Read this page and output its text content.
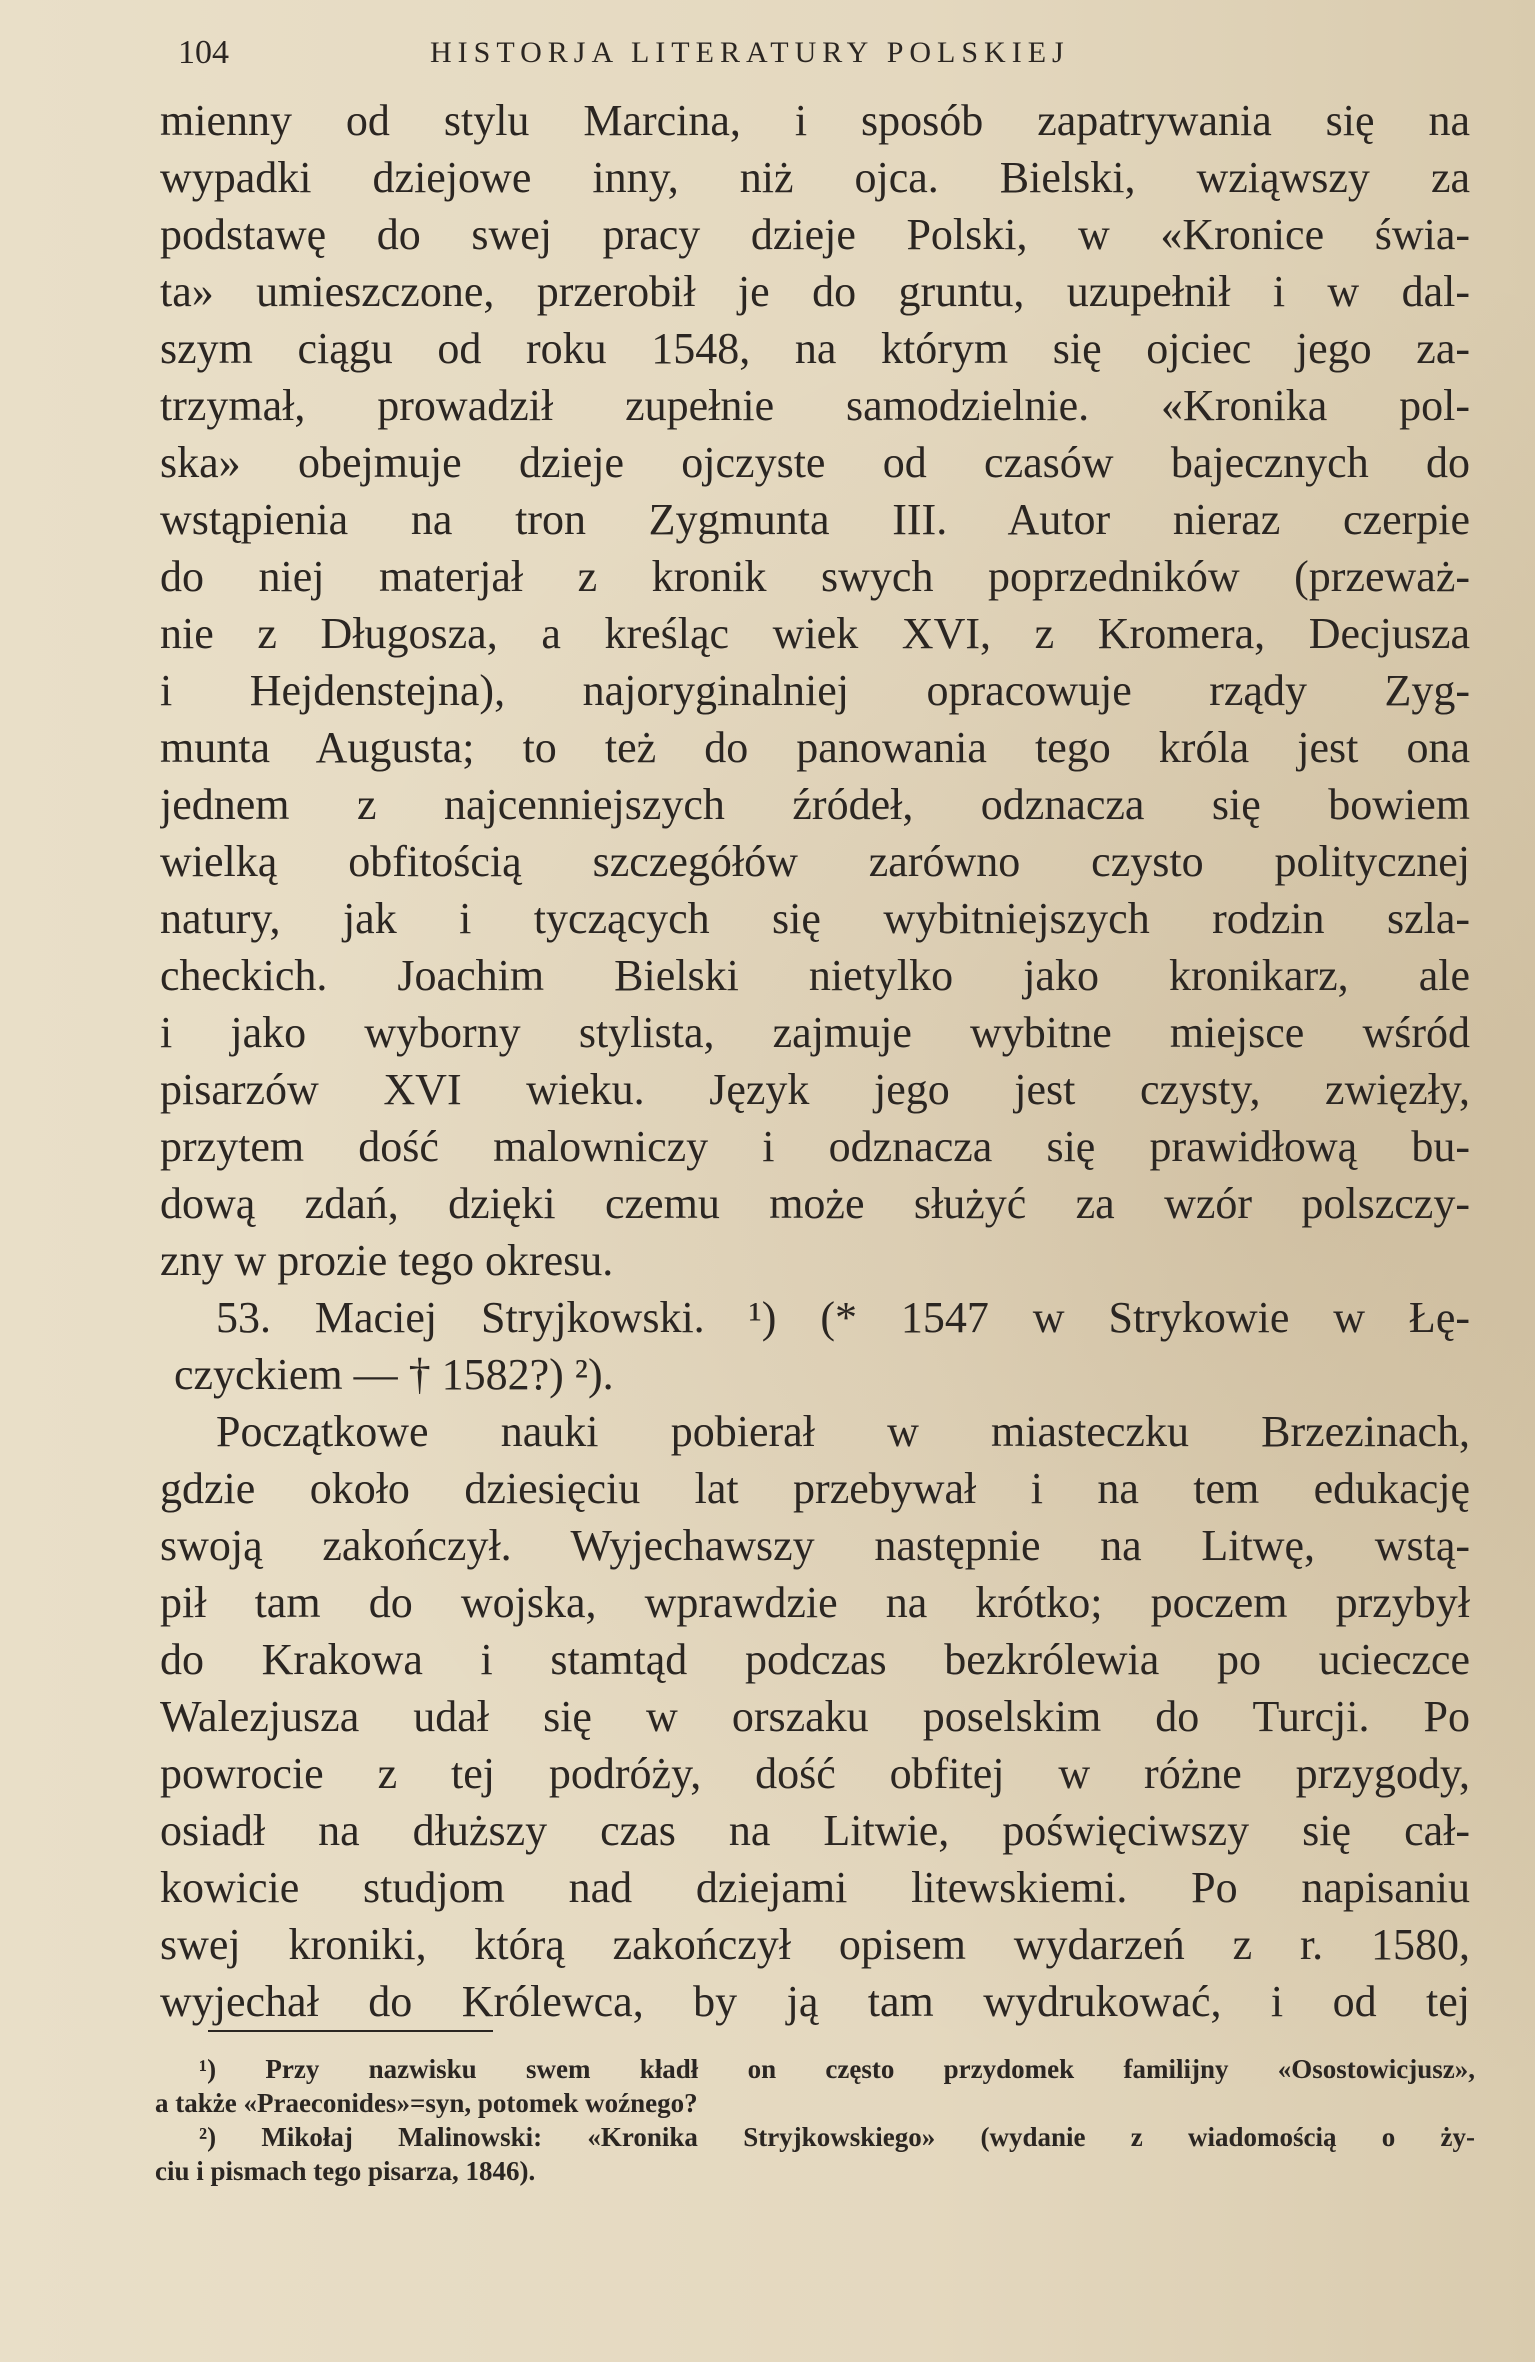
104	HISTORJA LITERATURY POLSKIEJ
mienny od stylu Marcina, i sposób zapatrywania się na
wypadki dziejowe inny, niż ojca. Bielski, wziąwszy za
podstawę do swej pracy dzieje Polski, w «Kronice świa-
ta» umieszczone, przerobił je do gruntu, uzupełnił i w dal-
szym ciągu od roku 1548, na którym się ojciec jego za-
trzymał, prowadził zupełnie samodzielnie. «Kronika pol-
ska» obejmuje dzieje ojczyste od czasów bajecznych do
wstąpienia na tron Zygmunta III. Autor nieraz czerpie
do niej materjał z kronik swych poprzedników (przeważ-
nie z Długosza, a kreśląc wiek XVI, z Kromera, Decjusza
i Hejdenstejna), najoryginalniej opracowuje rządy Zyg-
munta Augusta; to też do panowania tego króla jest ona
jednem z najcenniejszych źródeł, odznacza się bowiem
wielką obfitością szczegółów zarówno czysto politycznej
natury, jak i tyczących się wybitniejszych rodzin szla-
checkich. Joachim Bielski nietylko jako kronikarz, ale
i jako wyborny stylista, zajmuje wybitne miejsce wśród
pisarzów XVI wieku. Język jego jest czysty, zwięzły,
przytem dość malowniczy i odznacza się prawidłową bu-
dową zdań, dzięki czemu może służyć za wzór polszczy-
zny w prozie tego okresu.
53. Maciej Stryjkowski. ¹) (* 1547 w Strykowie w Łę-
czyckiem — † 1582?) ²).
Początkowe nauki pobierał w miasteczku Brzezinach,
gdzie około dziesięciu lat przebywał i na tem edukację
swoją zakończył. Wyjechawszy następnie na Litwę, wstą-
pił tam do wojska, wprawdzie na krótko; poczem przybył
do Krakowa i stamtąd podczas bezkrólewia po ucieczce
Walezjusza udał się w orszaku poselskim do Turcji. Po
powrocie z tej podróży, dość obfitej w różne przygody,
osiadł na dłuższy czas na Litwie, poświęciwszy się cał-
kowicie studjom nad dziejami litewskiemi. Po napisaniu
swej kroniki, którą zakończył opisem wydarzeń z r. 1580,
wyjechał do Królewca, by ją tam wydrukować, i od tej
¹) Przy nazwisku swem kładł on często przydomek familijny «Osostowicjusz»,
a także «Praeconides»=syn, potomek woźnego?
²) Mikołaj Malinowski: «Kronika Stryjkowskiego» (wydanie z wiadomością o ży-
ciu i pismach tego pisarza, 1846).
